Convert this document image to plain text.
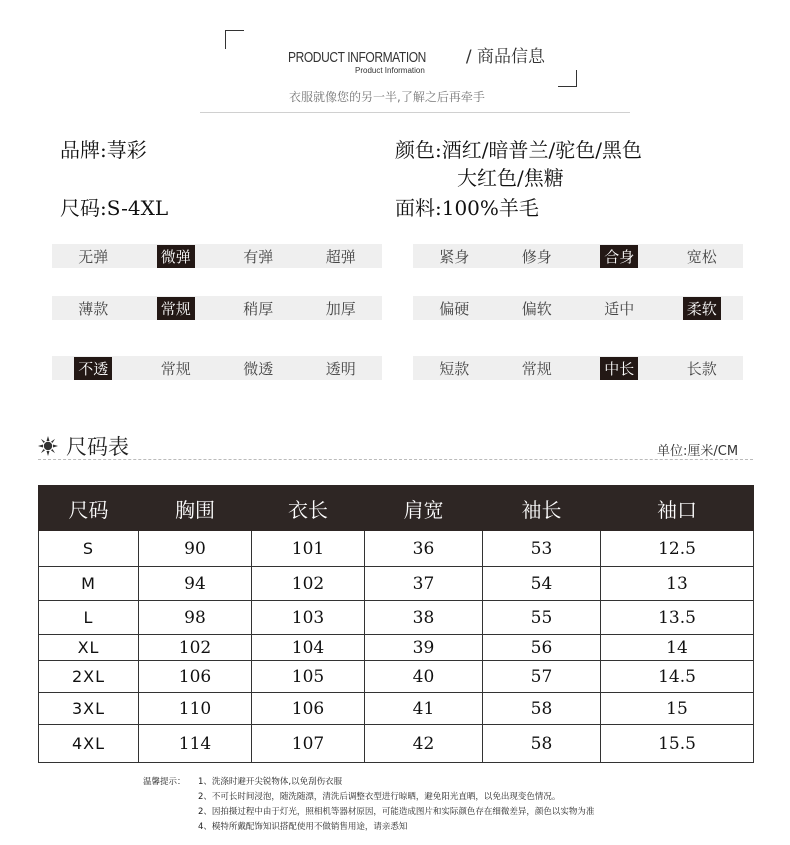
PRODUCT INFORMATION / 商品信息
Product Information
衣服就像您的另一半,了解之后再牵手
品牌:荨彩
尺码:S-4XL
颜色:酒红/暗普兰/驼色/黑色
大红色/焦糖
面料:100%羊毛
无弹	微弹	有弹	超弹
薄款	常规	稍厚	加厚
不透	常规	微透	透明
紧身	修身	合身	宽松
偏硬	偏软	适中	柔软
短款	常规	中长	长款
尺码表	单位:厘米/CM
尺码	胸围	衣长	肩宽	袖长	袖口
S	90	101	36	53	12.5
M	94	102	37	54	13
L	98	103	38	55	13.5
XL	102	104	39	56	14
2XL	106	105	40	57	14.5
3XL	110	106	41	58	15
4XL	114	107	42	58	15.5
温馨提示：	1、洗涤时避开尖锐物体,以免刮伤衣服
2、不可长时间浸泡，随洗随漂，清洗后调整衣型进行晾晒，避免阳光直晒，以免出现变色情况。
2、因拍摄过程中由于灯光，照相机等器材原因，可能造成图片和实际颜色存在细微差异，颜色以实物为准
4、模特所戴配饰知识搭配使用不做销售用途，请亲悉知
